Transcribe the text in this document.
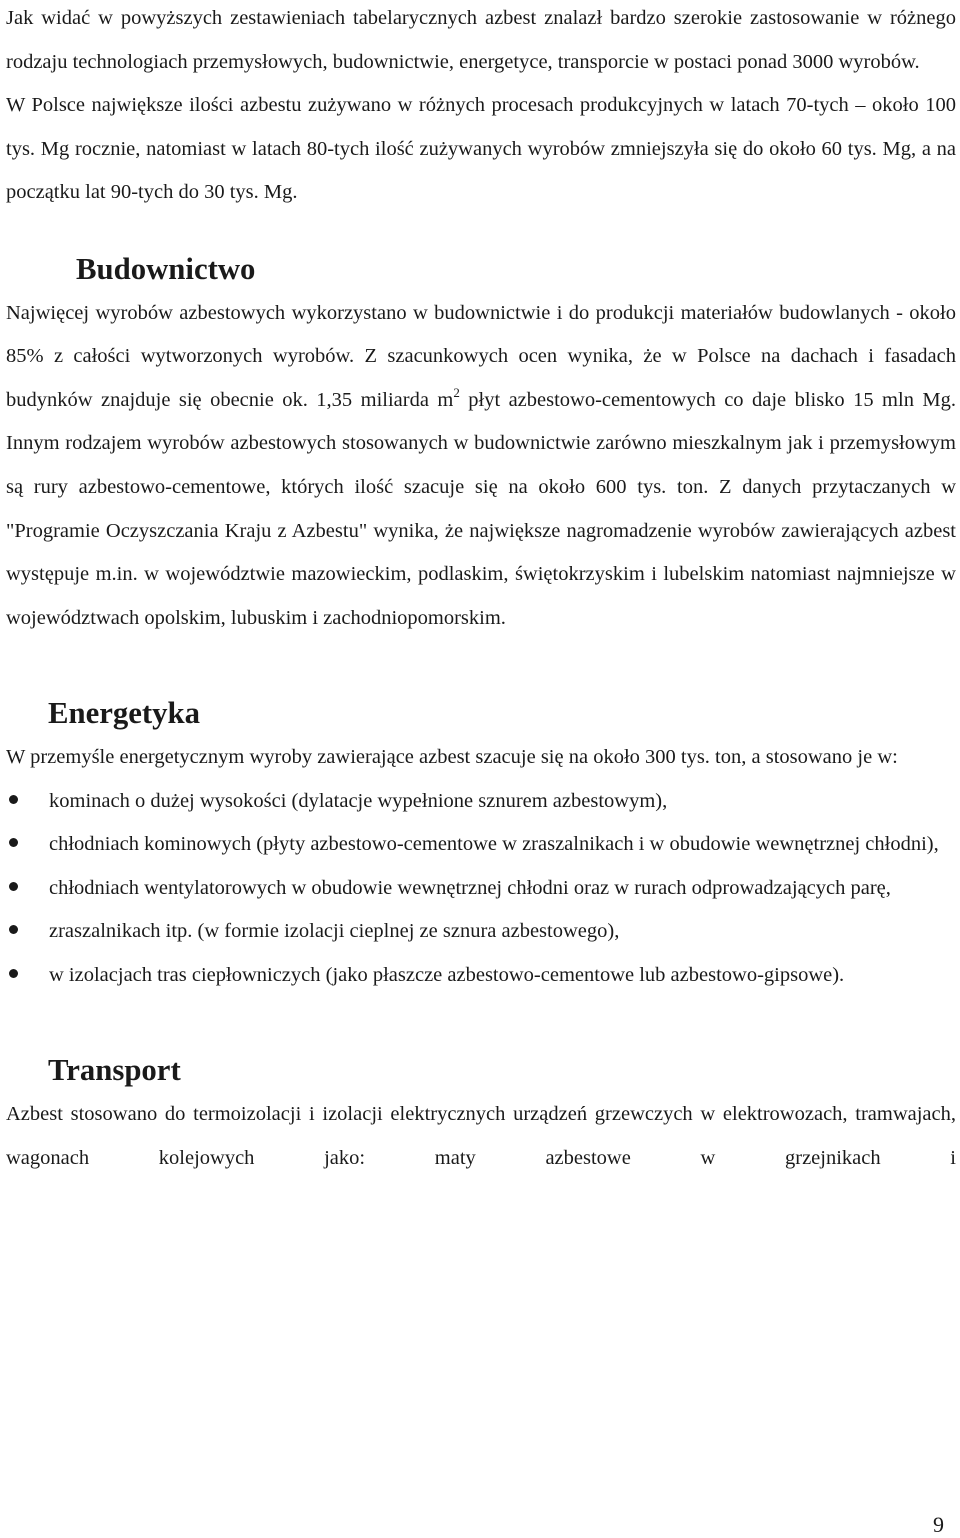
Jak widać w powyższych zestawieniach tabelarycznych azbest znalazł bardzo szerokie zastosowanie w różnego rodzaju technologiach przemysłowych, budownictwie, energetyce, transporcie w postaci ponad 3000 wyrobów.

W Polsce największe ilości azbestu zużywano w różnych procesach produkcyjnych w latach 70-tych – około 100 tys. Mg rocznie, natomiast w latach 80-tych ilość zużywanych wyrobów zmniejszyła się do około 60 tys. Mg, a na początku lat 90-tych do 30 tys. Mg.

Budownictwo

Najwięcej wyrobów azbestowych wykorzystano w budownictwie i do produkcji materiałów budowlanych - około 85% z całości wytworzonych wyrobów. Z szacunkowych ocen wynika, że w Polsce na dachach i fasadach budynków znajduje się obecnie ok. 1,35 miliarda $m^2$ płyt azbestowo-cementowych co daje blisko 15 mln Mg. Innym rodzajem wyrobów azbestowych stosowanych w budownictwie zarówno mieszkalnym jak i przemysłowym są rury azbestowo-cementowe, których ilość szacuje się na około 600 tys. ton. Z danych przytaczanych w "Programie Oczyszczania Kraju z Azbestu" wynika, że największe nagromadzenie wyrobów zawierających azbest występuje m.in. w województwie mazowieckim, podlaskim, świętokrzyskim i lubelskim natomiast najmniejsze w województwach opolskim, lubuskim i zachodniopomorskim.

Energetyka

W przemyśle energetycznym wyroby zawierające azbest szacuje się na około 300 tys. ton, a stosowano je w:

kominach o dużej wysokości (dylatacje wypełnione sznurem azbestowym),
chłodniach kominowych (płyty azbestowo-cementowe w zraszalnikach i w obudowie wewnętrznej chłodni),
chłodniach wentylatorowych w obudowie wewnętrznej chłodni oraz w rurach odprowadzających parę,
zraszalnikach itp. (w formie izolacji cieplnej ze sznura azbestowego),
w izolacjach tras ciepłowniczych (jako płaszcze azbestowo-cementowe lub azbestowo-gipsowe).
Transport

Azbest stosowano do termoizolacji i izolacji elektrycznych urządzeń grzewczych w elektrowozach, tramwajach, wagonach kolejowych jako: maty azbestowe w grzejnikach i

9
